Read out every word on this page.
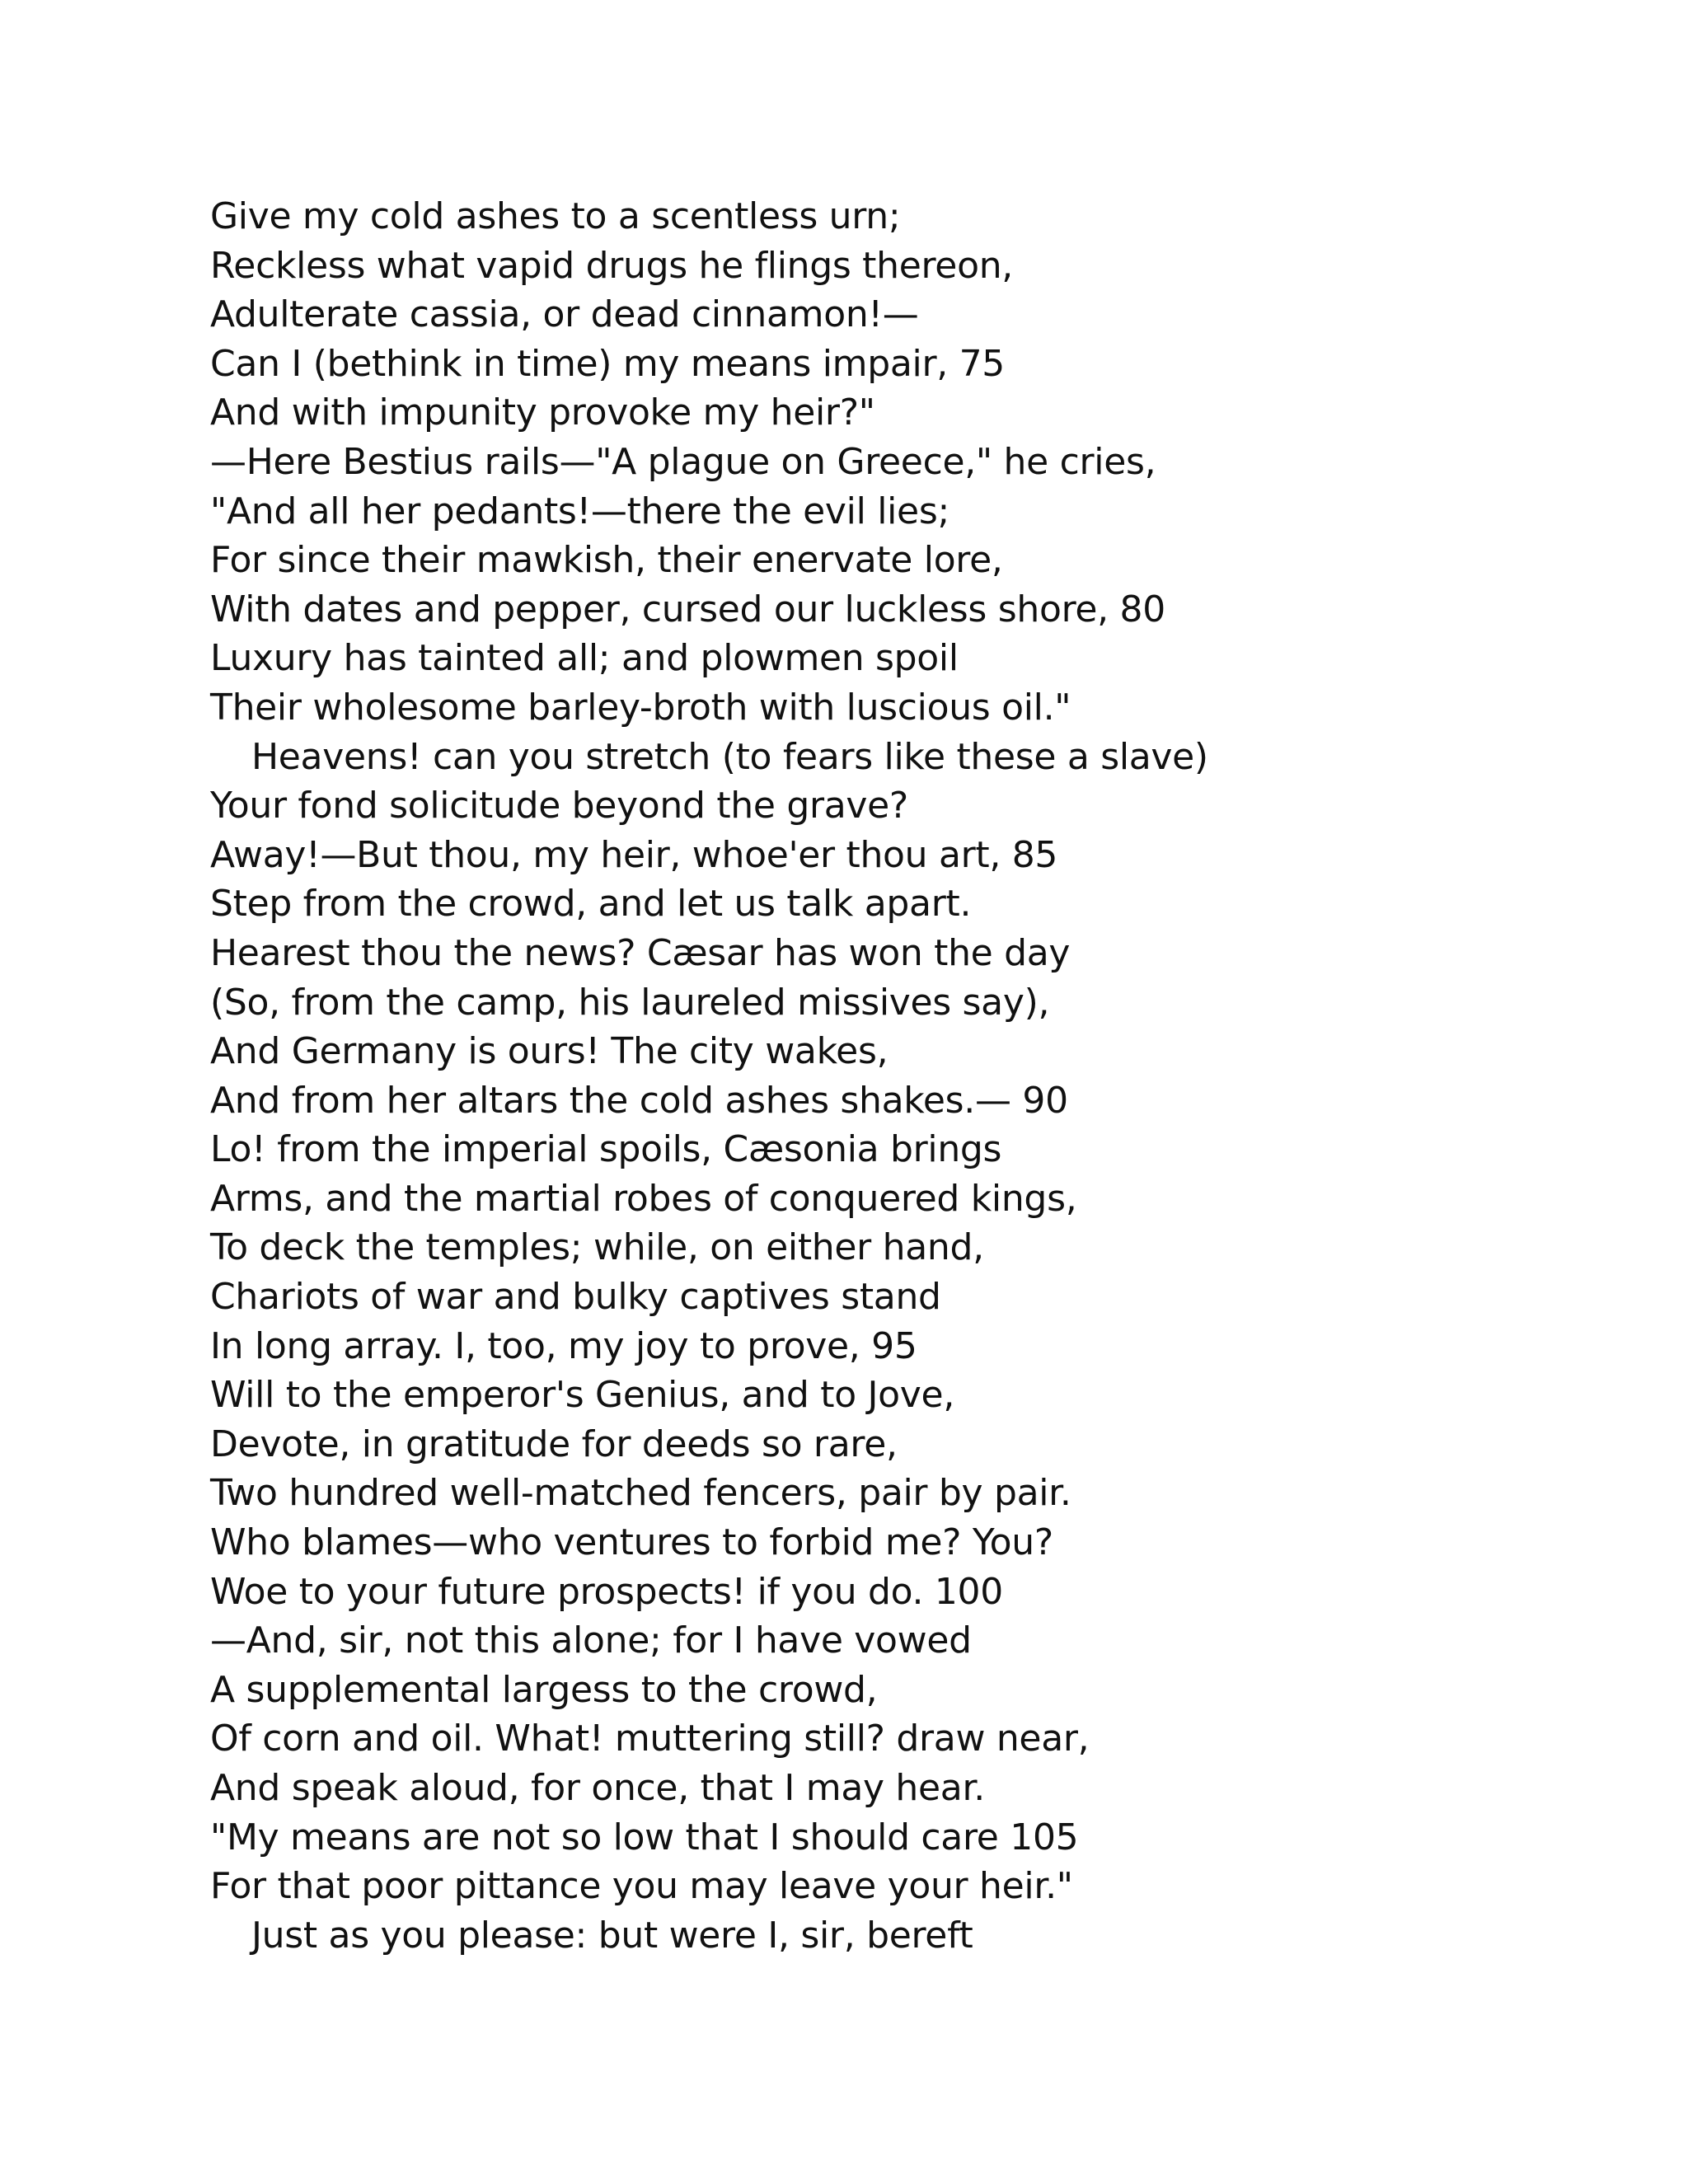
Give my cold ashes to a scentless urn;
Reckless what vapid drugs he flings thereon,
Adulterate cassia, or dead cinnamon!—
Can I (bethink in time) my means impair, 75
And with impunity provoke my heir?"
—Here Bestius rails—"A plague on Greece," he cries,
"And all her pedants!—there the evil lies;
For since their mawkish, their enervate lore,
With dates and pepper, cursed our luckless shore, 80
Luxury has tainted all; and plowmen spoil
Their wholesome barley-broth with luscious oil."
Heavens! can you stretch (to fears like these a slave)
Your fond solicitude beyond the grave?
Away!—But thou, my heir, whoe'er thou art, 85
Step from the crowd, and let us talk apart.
Hearest thou the news? Cæsar has won the day
(So, from the camp, his laureled missives say),
And Germany is ours! The city wakes,
And from her altars the cold ashes shakes.— 90
Lo! from the imperial spoils, Cæsonia brings
Arms, and the martial robes of conquered kings,
To deck the temples; while, on either hand,
Chariots of war and bulky captives stand
In long array. I, too, my joy to prove, 95
Will to the emperor's Genius, and to Jove,
Devote, in gratitude for deeds so rare,
Two hundred well-matched fencers, pair by pair.
Who blames—who ventures to forbid me? You?
Woe to your future prospects! if you do. 100
—And, sir, not this alone; for I have vowed
A supplemental largess to the crowd,
Of corn and oil. What! muttering still? draw near,
And speak aloud, for once, that I may hear.
"My means are not so low that I should care 105
For that poor pittance you may leave your heir."
Just as you please: but were I, sir, bereft
